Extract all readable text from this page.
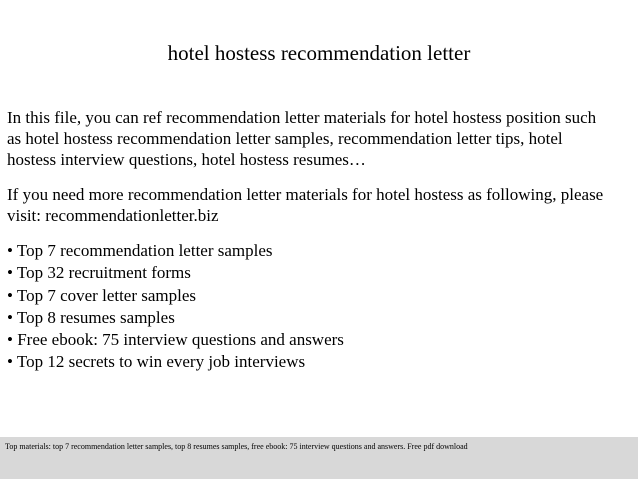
hotel hostess recommendation letter

In this file, you can ref recommendation letter materials for hotel hostess position such
as hotel hostess recommendation letter samples, recommendation letter tips, hotel
hostess interview questions, hotel hostess resumes…

If you need more recommendation letter materials for hotel hostess as following, please
visit: recommendationletter.biz

• Top 7 recommendation letter samples
• Top 32 recruitment forms
• Top 7 cover letter samples
• Top 8 resumes samples
• Free ebook: 75 interview questions and answers
• Top 12 secrets to win every job interviews
Top materials: top 7 recommendation letter samples, top 8 resumes samples, free ebook: 75 interview questions and answers. Free pdf download
